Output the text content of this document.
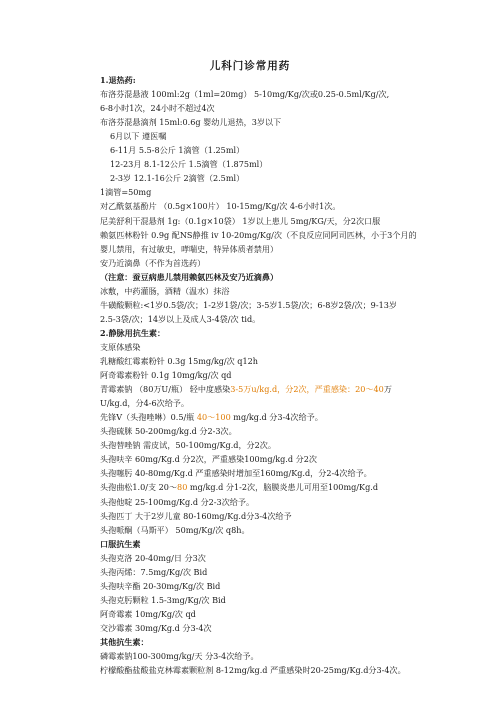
儿科门诊常用药
1.退热药:
布洛芬混悬液 100ml:2g（1ml=20mg） 5-10mg/Kg/次或0.25-0.5ml/Kg/次,
6-8小时1次，24小时不超过4次
布洛芬混悬滴剂 15ml:0.6g 婴幼儿退热，3岁以下
6月以下 遵医嘱
6-11月 5.5-8公斤 1滴管（1.25ml）
12-23月 8.1-12公斤 1.5滴管（1.875ml）
2-3岁 12.1-16公斤 2滴管（2.5ml）
1滴管=50mg
对乙酰氨基酚片 （0.5g×100片） 10-15mg/Kg/次 4-6小时1次。
尼美舒利干混悬剂 1g:（0.1g×10袋） 1岁以上患儿 5mg/KG/天，分2次口服
赖氨匹林粉针 0.9g 配NS静推 iv 10-20mg/Kg/次（不良反应同阿司匹林，小于3个月的
婴儿禁用，有过敏史，哮喘史，特异体质者禁用）
安乃近滴鼻（不作为首选药）
（注意：蚕豆病患儿禁用赖氨匹林及安乃近滴鼻）
冰敷，中药灌肠，酒精（温水）抹浴
牛磺酸颗粒:<1岁0.5袋/次；1-2岁1袋/次；3-5岁1.5袋/次；6-8岁2袋/次；9-13岁
2.5-3袋/次；14岁以上及成人3-4袋/次 tid。
2.静脉用抗生素：
支原体感染
乳糖酸红霉素粉针 0.3g 15mg/kg/次 q12h
阿奇霉素粉针 0.1g 10mg/kg/次 qd
青霉素钠 （80万U/瓶） 轻中度感染3-5万u/kg.d，分2次，严重感染：20～40万
U/kg.d，分4-6次给予。
先锋Ⅴ（头孢唑啉）0.5/瓶 40～100 mg/kg.d 分3-4次给予。
头孢硫脒 50-200mg/kg.d 分2-3次。
头孢替唑钠 需皮试，50-100mg/Kg.d，分2次。
头孢呋辛 60mg/Kg.d 分2次，严重感染100mg/kg.d 分2次
头孢噻肟 40-80mg/Kg.d 严重感染时增加至160mg/Kg.d，分2-4次给予。
头孢曲松1.0/支 20～80 mg/kg.d 分1-2次，脑膜炎患儿可用至100mg/Kg.d
头孢他啶 25-100mg/Kg.d 分2-3次给予。
头孢匹丁 大于2岁儿童 80-160mg/Kg.d分3-4次给予
头孢哌酮（马斯平） 50mg/Kg/次 q8h。
口服抗生素
头孢克洛 20-40mg/日 分3次
头孢丙烯：7.5mg/Kg/次 Bid
头孢呋辛酯 20-30mg/Kg/次 Bid
头孢克肟颗粒 1.5-3mg/Kg/次 Bid
阿奇霉素 10mg/Kg/次 qd
交沙霉素 30mg/Kg.d 分3-4次
其他抗生素：
磷霉素钠100-300mg/kg/天 分3-4次给予。
柠檬酸酯盐酸盐克林霉素颗粒剂 8-12mg/kg.d 严重感染时20-25mg/Kg.d分3-4次。
